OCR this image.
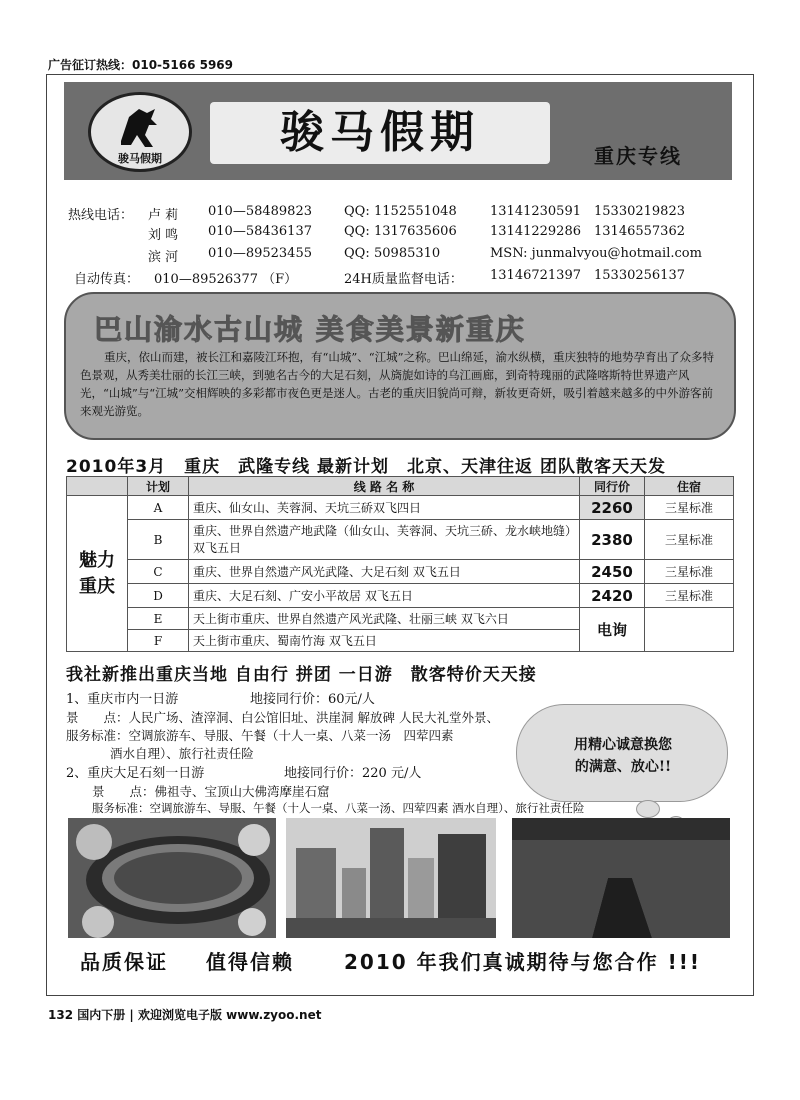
广告征订热线：010-5166 5969
骏马假期
骏马假期	重庆专线
热线电话： 卢 莉 010—58489823 QQ: 1152551048	13141230591 15330219823
刘 鸣 010—58436137 QQ: 1317635606	13141229286 13146557362
滨 河 010—89523455 QQ: 50985310	MSN: junmalvyou@hotmail.com
自动传真： 010—89526377 （F）	24H质量监督电话： 13146721397 15330256137
巴山渝水古山城 美食美景新重庆
重庆，依山而建，被长江和嘉陵江环抱，有“山城”、“江城”之称。巴山绵延，渝水纵横，重庆独特的地势孕育出了众多特色景观，从秀美壮丽的长江三峡，到驰名古今的大足石刻，从旖旎如诗的乌江画廊，到奇特瑰丽的武隆喀斯特世界遗产风光，“山城”与“江城”交相辉映的多彩都市夜色更是迷人。古老的重庆旧貌尚可辩，新妆更奇妍，吸引着越来越多的中外游客前来观光游览。
2010年3月　重庆　武隆专线 最新计划　北京、天津往返 团队散客天天发
	计划	线 路 名 称	同行价	住宿
魅力重庆	A	重庆、仙女山、芙蓉洞、天坑三硚双飞四日	2260	三星标准
	B	重庆、世界自然遗产地武隆（仙女山、芙蓉洞、天坑三硚、龙水峡地缝）双飞五日	2380	三星标准
	C	重庆、世界自然遗产风光武隆、大足石刻 双飞五日	2450	三星标准
	D	重庆、大足石刻、广安小平故居 双飞五日	2420	三星标准
	E	天上街市重庆、世界自然遗产风光武隆、壮丽三峡 双飞六日	电询	
	F	天上街市重庆、蜀南竹海 双飞五日		
我社新推出重庆当地 自由行 拼团 一日游　散客特价天天接
1、重庆市内一日游	地接同行价：60元/人
景　　点：人民广场、渣滓洞、白公馆旧址、洪崖洞 解放碑 人民大礼堂外景、
服务标准：空调旅游车、导服、午餐（十人一桌、八菜一汤　四荤四素
酒水自理）、旅行社责任险
2、重庆大足石刻一日游	地接同行价：220 元/人
景　　点：佛祖寺、宝顶山大佛湾摩崖石窟
服务标准：空调旅游车、导服、午餐（十人一桌、八菜一汤、四荤四素 酒水自理）、旅行社责任险
用精心诚意换您
的满意、放心!!
品质保证 值得信赖	2010 年我们真诚期待与您合作 !!!
132 国内下册 | 欢迎浏览电子版 www.zyoo.net
